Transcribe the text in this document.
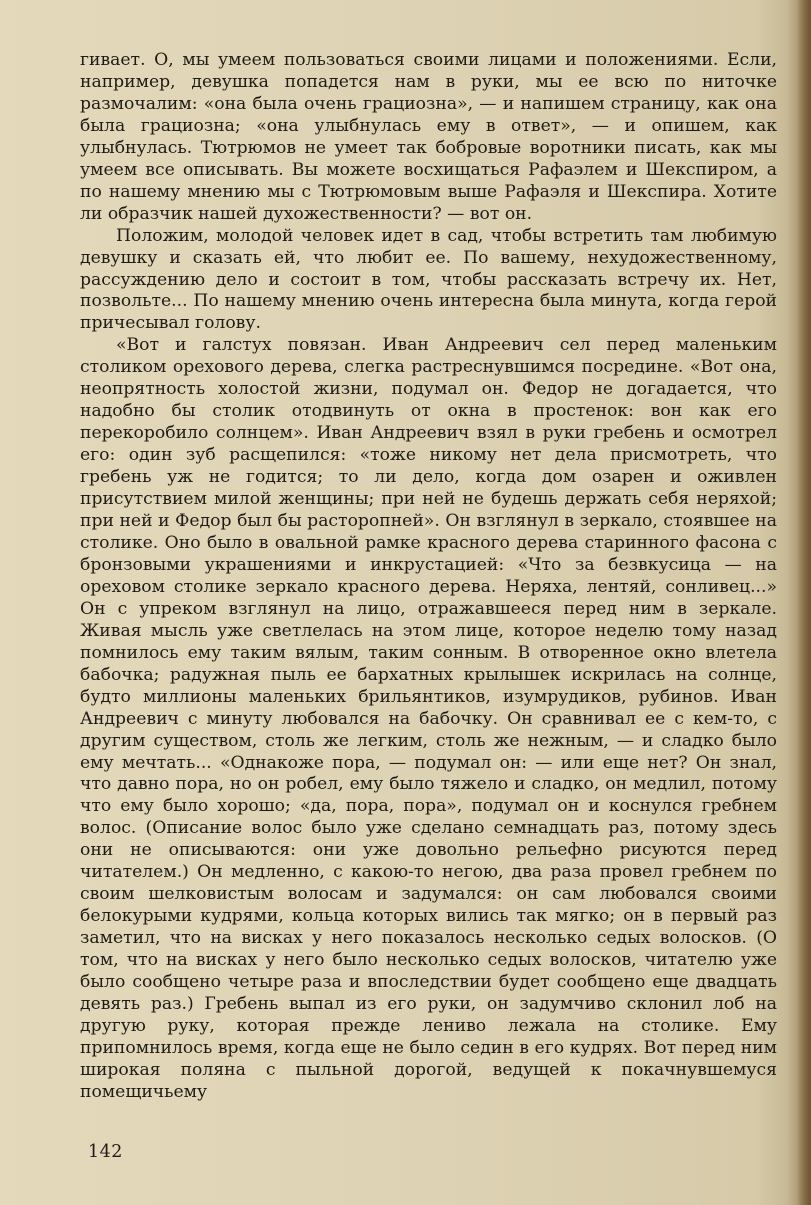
гивает. О, мы умеем пользоваться своими лицами и положениями. Если, например, девушка попадется нам в руки, мы ее всю по ниточке размочалим: «она была очень грациозна», — и напишем страницу, как она была грациозна; «она улыбнулась ему в ответ», — и опишем, как улыбнулась. Тютрюмов не умеет так бобровые воротники писать, как мы умеем все описывать. Вы можете восхищаться Рафаэлем и Шекспиром, а по нашему мнению мы с Тютрюмовым выше Рафаэля и Шекспира. Хотите ли образчик нашей духожественности? — вот он.

Положим, молодой человек идет в сад, чтобы встретить там любимую девушку и сказать ей, что любит ее. По вашему, нехудожественному, рассуждению дело и состоит в том, чтобы рассказать встречу их. Нет, позвольте... По нашему мнению очень интересна была минута, когда герой причесывал голову.

«Вот и галстух повязан. Иван Андреевич сел перед маленьким столиком орехового дерева, слегка растреснувшимся посредине. «Вот она, неопрятность холостой жизни, подумал он. Федор не догадается, что надобно бы столик отодвинуть от окна в простенок: вон как его перекоробило солнцем». Иван Андреевич взял в руки гребень и осмотрел его: один зуб расщепился: «тоже никому нет дела присмотреть, что гребень уж не годится; то ли дело, когда дом озарен и оживлен присутствием милой женщины; при ней не будешь держать себя неряхой; при ней и Федор был бы расторопней». Он взглянул в зеркало, стоявшее на столике. Оно было в овальной рамке красного дерева старинного фасона с бронзовыми украшениями и инкрустацией: «Что за безвкусица — на ореховом столике зеркало красного дерева. Неряха, лентяй, сонливец...» Он с упреком взглянул на лицо, отражавшееся перед ним в зеркале. Живая мысль уже светлелась на этом лице, которое неделю тому назад помнилось ему таким вялым, таким сонным. В отворенное окно влетела бабочка; радужная пыль ее бархатных крылышек искрилась на солнце, будто миллионы маленьких брильянтиков, изумрудиков, рубинов. Иван Андреевич с минуту любовался на бабочку. Он сравнивал ее с кем-то, с другим существом, столь же легким, столь же нежным, — и сладко было ему мечтать... «Однакоже пора, — подумал он: — или еще нет? Он знал, что давно пора, но он робел, ему было тяжело и сладко, он медлил, потому что ему было хорошо; «да, пора, пора», подумал он и коснулся гребнем волос. (Описание волос было уже сделано семнадцать раз, потому здесь они не описываются: они уже довольно рельефно рисуются перед читателем.) Он медленно, с какою-то негою, два раза провел гребнем по своим шелковистым волосам и задумался: он сам любовался своими белокурыми кудрями, кольца которых вились так мягко; он в первый раз заметил, что на висках у него показалось несколько седых волосков. (О том, что на висках у него было несколько седых волосков, читателю уже было сообщено четыре раза и впоследствии будет сообщено еще двадцать девять раз.) Гребень выпал из его руки, он задумчиво склонил лоб на другую руку, которая прежде лениво лежала на столике. Ему припомнилось время, когда еще не было седин в его кудрях. Вот перед ним широкая поляна с пыльной дорогой, ведущей к покачнувшемуся помещичьему

142
